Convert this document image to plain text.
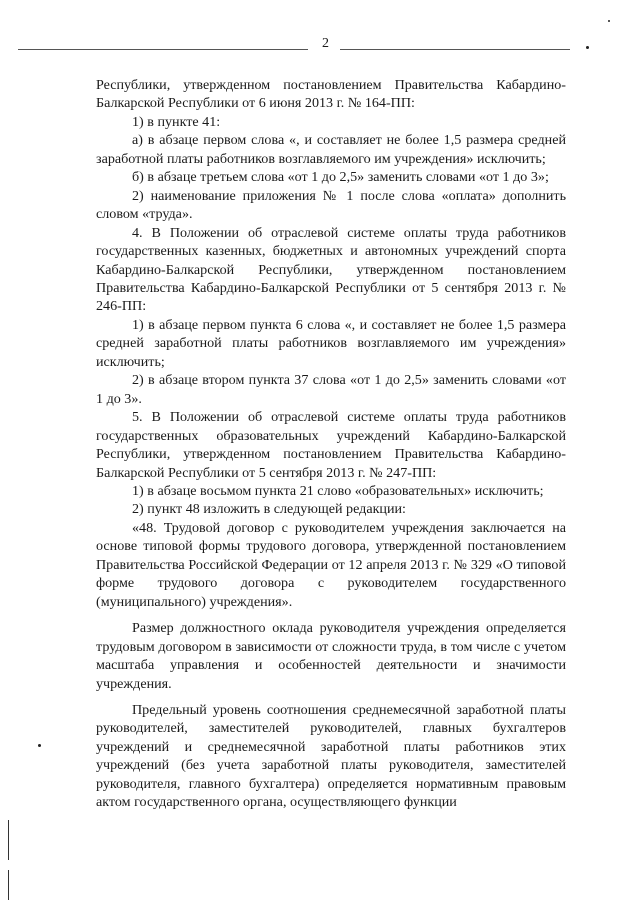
2

Республики, утвержденном постановлением Правительства Кабардино-Балкарской Республики от 6 июня 2013 г. № 164-ПП:

1) в пункте 41:

а) в абзаце первом слова «, и составляет не более 1,5 размера средней заработной платы работников возглавляемого им учреждения» исключить;

б) в абзаце третьем слова «от 1 до 2,5» заменить словами «от 1 до 3»;

2) наименование приложения № 1 после слова «оплата» дополнить словом «труда».

4. В Положении об отраслевой системе оплаты труда работников государственных казенных, бюджетных и автономных учреждений спорта Кабардино-Балкарской Республики, утвержденном постановлением Правительства Кабардино-Балкарской Республики от 5 сентября 2013 г. № 246-ПП:

1) в абзаце первом пункта 6 слова «, и составляет не более 1,5 размера средней заработной платы работников возглавляемого им учреждения» исключить;

2) в абзаце втором пункта 37 слова «от 1 до 2,5» заменить словами «от 1 до 3».

5. В Положении об отраслевой системе оплаты труда работников государственных образовательных учреждений Кабардино-Балкарской Республики, утвержденном постановлением Правительства Кабардино-Балкарской Республики от 5 сентября 2013 г. № 247-ПП:

1) в абзаце восьмом пункта 21 слово «образовательных» исключить;

2) пункт 48 изложить в следующей редакции:

«48. Трудовой договор с руководителем учреждения заключается на основе типовой формы трудового договора, утвержденной постановлением Правительства Российской Федерации от 12 апреля 2013 г. № 329 «О типовой форме трудового договора с руководителем государственного (муниципального) учреждения».

Размер должностного оклада руководителя учреждения определяется трудовым договором в зависимости от сложности труда, в том числе с учетом масштаба управления и особенностей деятельности и значимости учреждения.

Предельный уровень соотношения среднемесячной заработной платы руководителей, заместителей руководителей, главных бухгалтеров учреждений и среднемесячной заработной платы работников этих учреждений (без учета заработной платы руководителя, заместителей руководителя, главного бухгалтера) определяется нормативным правовым актом государственного органа, осуществляющего функции
